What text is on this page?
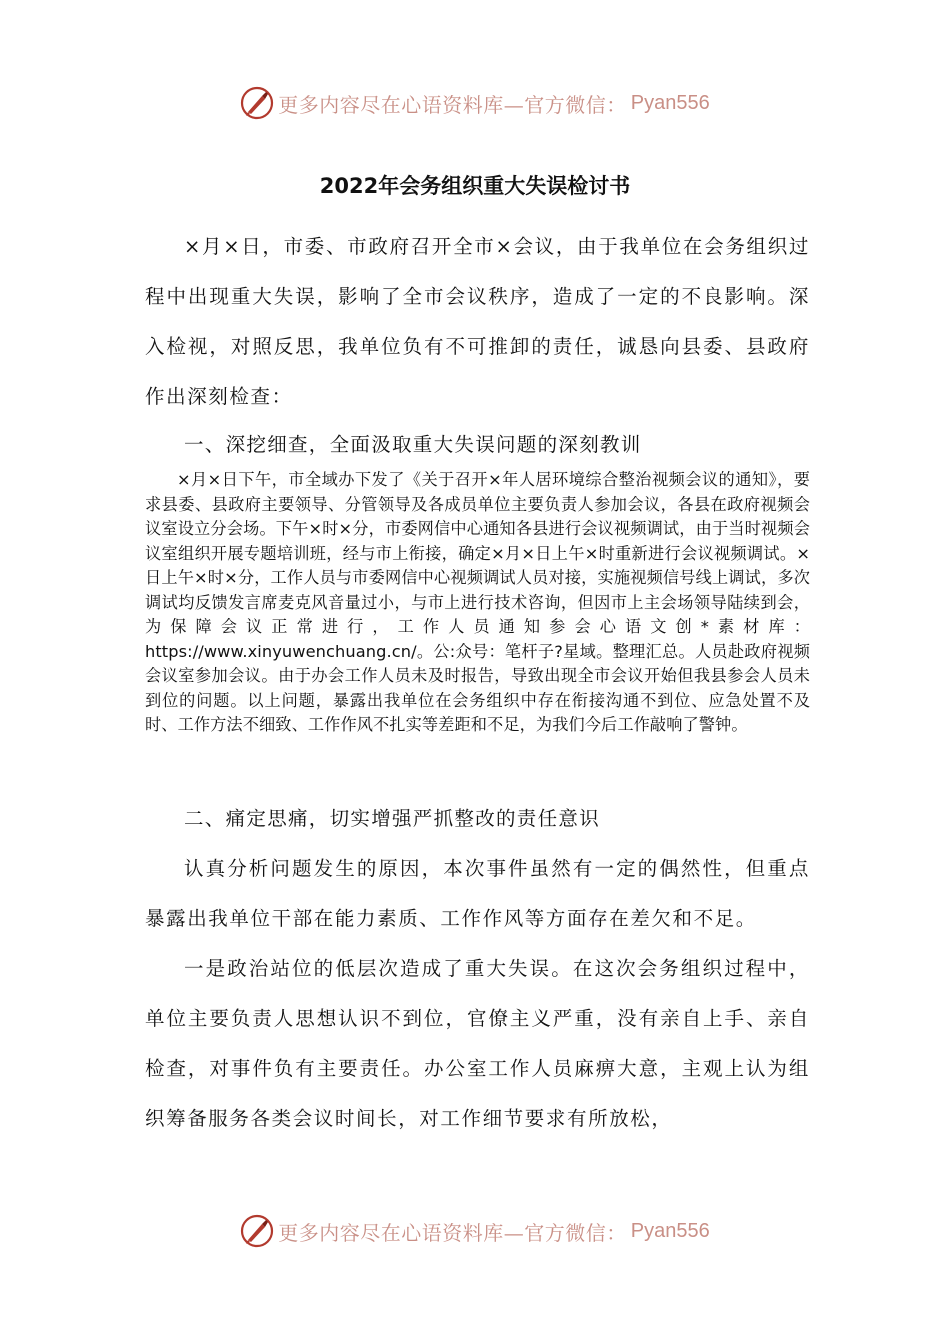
更多内容尽在心语资料库—官方微信： Pyan556
2022年会务组织重大失误检讨书

×月×日，市委、市政府召开全市×会议，由于我单位在会务组织过程中出现重大失误，影响了全市会议秩序，造成了一定的不良影响。深入检视，对照反思，我单位负有不可推卸的责任，诚恳向县委、县政府作出深刻检查：

一、深挖细查，全面汲取重大失误问题的深刻教训

×月×日下午，市全域办下发了《关于召开×年人居环境综合整治视频会议的通知》，要求县委、县政府主要领导、分管领导及各成员单位主要负责人参加会议，各县在政府视频会议室设立分会场。下午×时×分，市委网信中心通知各县进行会议视频调试，由于当时视频会议室组织开展专题培训班，经与市上衔接，确定×月×日上午×时重新进行会议视频调试。×日上午×时×分，工作人员与市委网信中心视频调试人员对接，实施视频信号线上调试，多次调试均反馈发言席麦克风音量过小，与市上进行技术咨询，但因市上主会场领导陆续到会，为保障会议正常进行，工作人员通知参会心语文创*素材库：https://www.xinyuwenchuang.cn/。公:众号：笔杆子?星域。整理汇总。人员赴政府视频会议室参加会议。由于办会工作人员未及时报告，导致出现全市会议开始但我县参会人员未到位的问题。以上问题，暴露出我单位在会务组织中存在衔接沟通不到位、应急处置不及时、工作方法不细致、工作作风不扎实等差距和不足，为我们今后工作敲响了警钟。

二、痛定思痛，切实增强严抓整改的责任意识

认真分析问题发生的原因，本次事件虽然有一定的偶然性，但重点暴露出我单位干部在能力素质、工作作风等方面存在差欠和不足。

一是政治站位的低层次造成了重大失误。在这次会务组织过程中，单位主要负责人思想认识不到位，官僚主义严重，没有亲自上手、亲自检查，对事件负有主要责任。办公室工作人员麻痹大意，主观上认为组织筹备服务各类会议时间长，对工作细节要求有所放松，

更多内容尽在心语资料库—官方微信： Pyan556
